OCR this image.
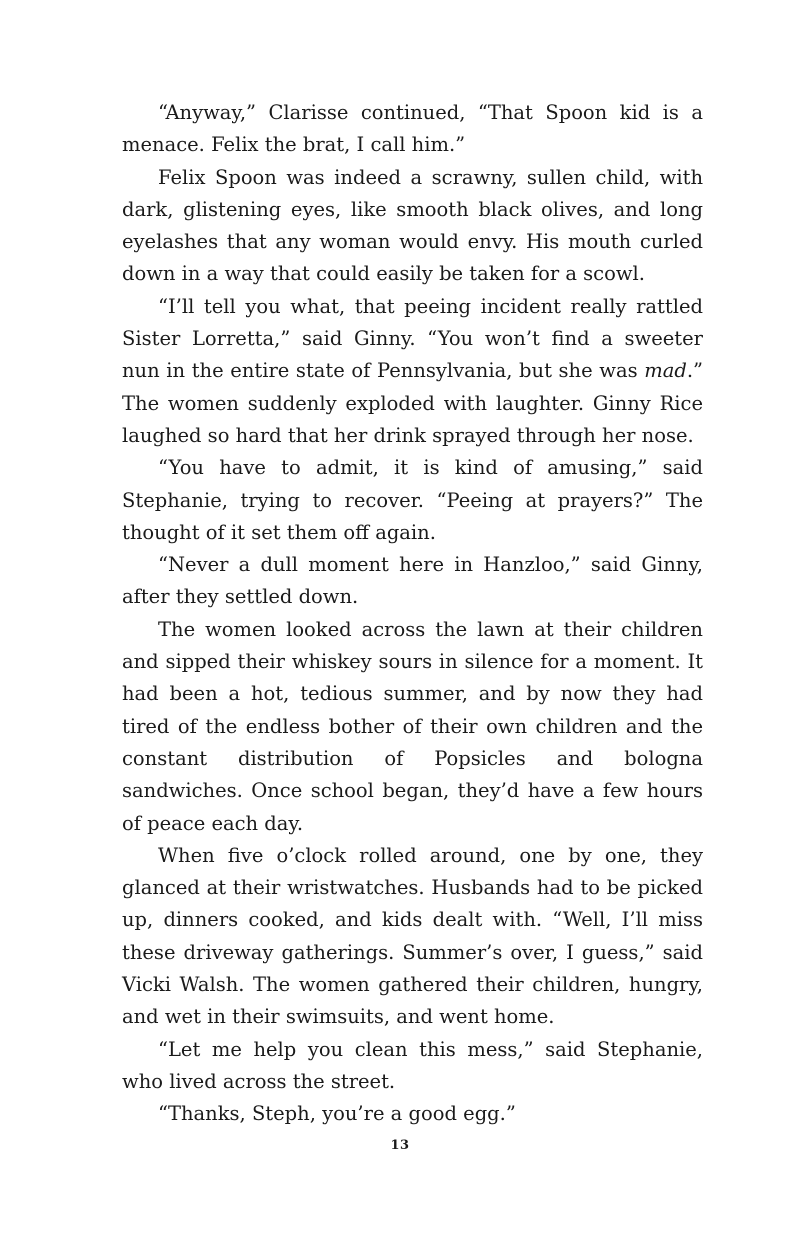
“Anyway,” Clarisse continued, “That Spoon kid is a menace. Felix the brat, I call him.”

Felix Spoon was indeed a scrawny, sullen child, with dark, glistening eyes, like smooth black olives, and long eyelashes that any woman would envy. His mouth curled down in a way that could easily be taken for a scowl.

“I’ll tell you what, that peeing incident really rattled Sister Lorretta,” said Ginny. “You won’t find a sweeter nun in the entire state of Pennsylvania, but she was mad.” The women suddenly exploded with laughter. Ginny Rice laughed so hard that her drink sprayed through her nose.

“You have to admit, it is kind of amusing,” said Stephanie, trying to recover. “Peeing at prayers?” The thought of it set them off again.

“Never a dull moment here in Hanzloo,” said Ginny, after they settled down.

The women looked across the lawn at their children and sipped their whiskey sours in silence for a moment. It had been a hot, tedious summer, and by now they had tired of the endless bother of their own children and the constant distribution of Popsicles and bologna sandwiches. Once school began, they’d have a few hours of peace each day.

When five o’clock rolled around, one by one, they glanced at their wristwatches. Husbands had to be picked up, dinners cooked, and kids dealt with. “Well, I’ll miss these driveway gatherings. Summer’s over, I guess,” said Vicki Walsh. The women gathered their children, hungry, and wet in their swimsuits, and went home.

“Let me help you clean this mess,” said Stephanie, who lived across the street.

“Thanks, Steph, you’re a good egg.”

13
